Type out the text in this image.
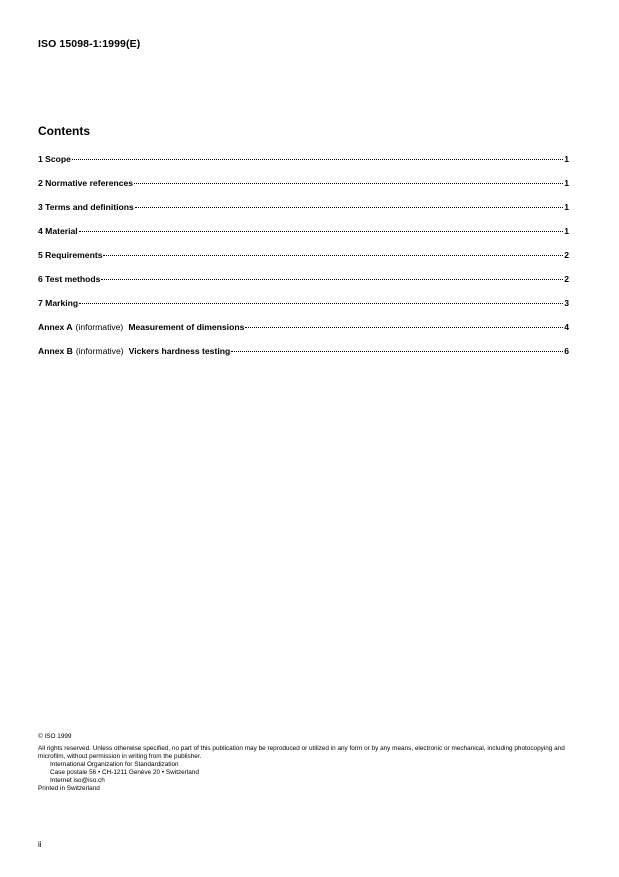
ISO 15098-1:1999(E)
Contents
1 Scope	1
2 Normative references	1
3 Terms and definitions	1
4 Material	1
5 Requirements	2
6 Test methods	2
7 Marking	3
Annex A (informative) Measurement of dimensions	4
Annex B (informative) Vickers hardness testing	6
© ISO 1999
All rights reserved. Unless otherwise specified, no part of this publication may be reproduced or utilized in any form or by any means, electronic or mechanical, including photocopying and microfilm, without permission in writing from the publisher.
International Organization for Standardization
Case postale 56 • CH-1211 Genève 20 • Switzerland
Internet iso@iso.ch
Printed in Switzerland
ii
